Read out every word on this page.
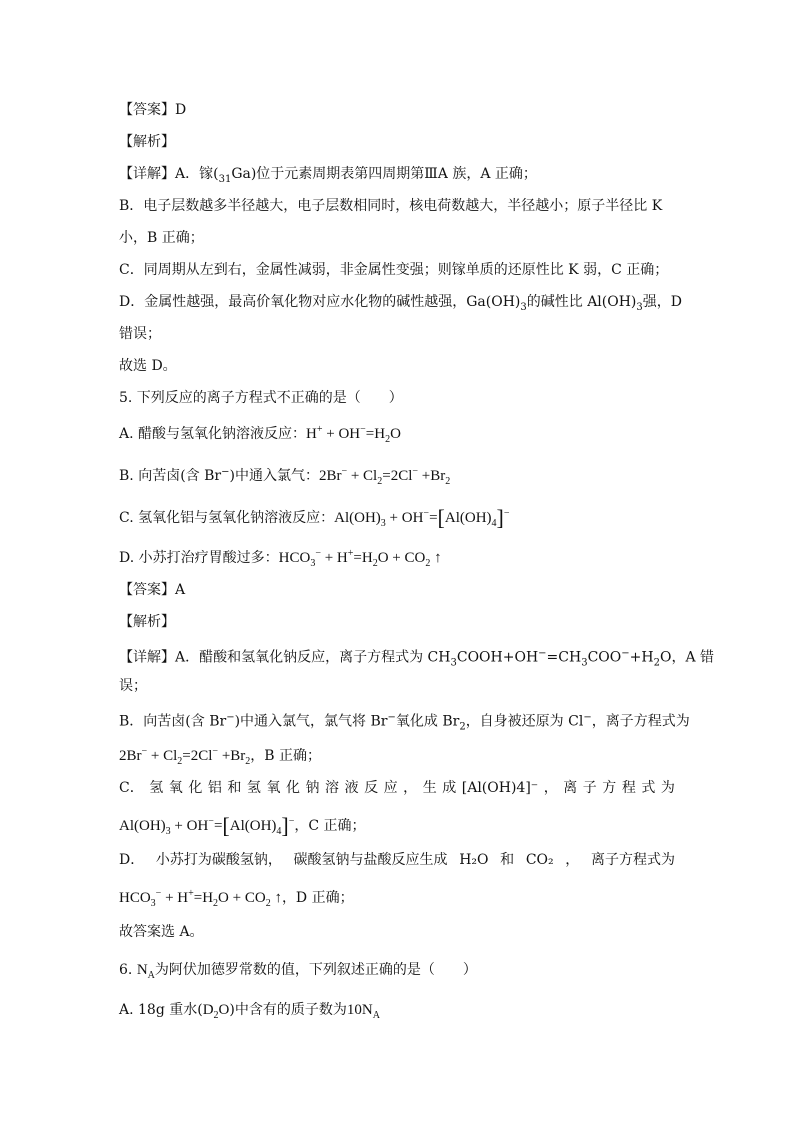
【答案】D
【解析】
【详解】A．镓$(_{31}Ga)$位于元素周期表第四周期第ⅢA 族，A 正确；
B．电子层数越多半径越大，电子层数相同时，核电荷数越大，半径越小；原子半径比 K
小，B 正确；
C．同周期从左到右，金属性减弱，非金属性变强；则镓单质的还原性比 K 弱，C 正确；
D．金属性越强，最高价氧化物对应水化物的碱性越强，$Ga(OH)_3$的碱性比 $Al(OH)_3$强，D
错误；
故选 D。
5. 下列反应的离子方程式不正确的是（　　）
A. 醋酸与氢氧化钠溶液反应：$H^+ + OH^-=H_2O$
B. 向苦卤(含 Br−)中通入氯气：$2Br^- + Cl_2=2Cl^- +Br_2$
C. 氢氧化铝与氢氧化钠溶液反应：$Al(OH)_3 + OH^-=[Al(OH)_4]^-$
D. 小苏打治疗胃酸过多：$HCO_3^- + H^+=H_2O + CO_2$ ↑
【答案】A
【解析】
【详解】A．醋酸和氢氧化钠反应，离子方程式为 $CH_3COOH+OH^-=CH_3COO^-+H_2O$，A 错
误；
B．向苦卤(含 Br−)中通入氯气，氯气将 Br−氧化成 $Br_2$，自身被还原为 Cl−，离子方程式为
$2Br^- + Cl_2=2Cl^- +Br_2$，B 正确；
C． 氢 氧 化 铝 和 氢 氧 化 钠 溶 液 反 应 ， 生 成 [Al(OH)4]⁻ ， 离 子 方 程 式 为
$Al(OH)_3 + OH^-=[Al(OH)_4]^-$，C 正确；
D． 小苏打为碳酸氢钠， 碳酸氢钠与盐酸反应生成 H₂O 和 CO₂ ， 离子方程式为
$HCO_3^- + H^+=H_2O + CO_2$ ↑，D 正确；
故答案选 A。
6. $N_A$为阿伏加德罗常数的值，下列叙述正确的是（　　）
A. 18g 重水$(D_2O)$中含有的质子数为$10N_A$
